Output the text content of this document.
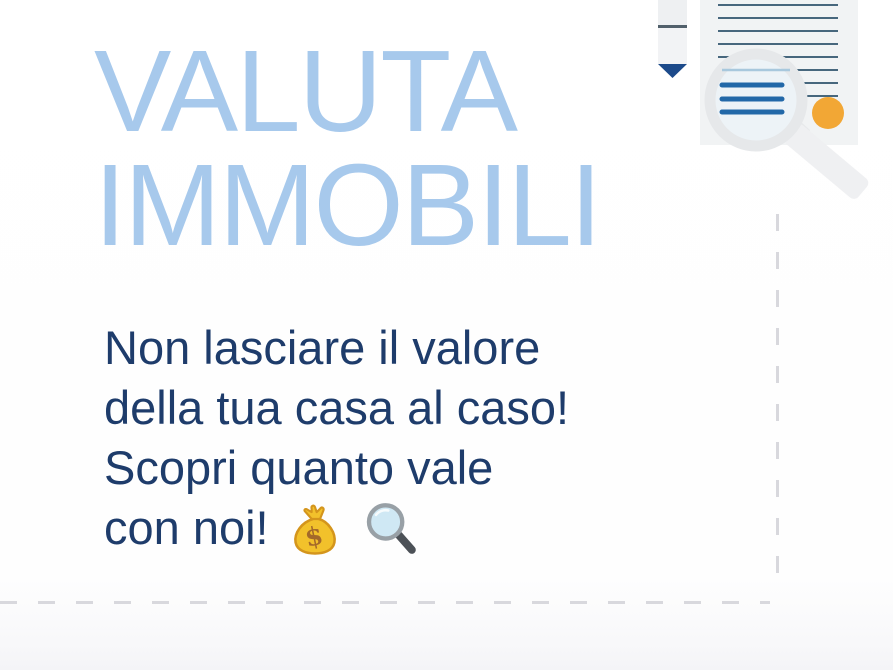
VALUTA
IMMOBILI
Non lasciare il valore
della tua casa al caso!
Scopri quanto vale
con noi! $
